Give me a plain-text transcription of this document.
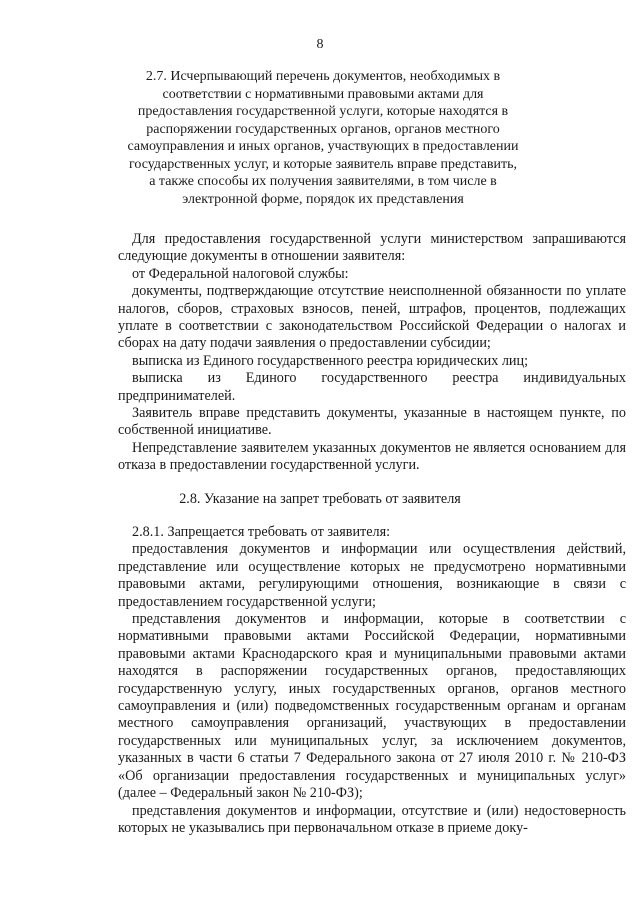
8

2.7. Исчерпывающий перечень документов, необходимых в

соответствии с нормативными правовыми актами для

предоставления государственной услуги, которые находятся в

распоряжении государственных органов, органов местного

самоуправления и иных органов, участвующих в предоставлении

государственных услуг, и которые заявитель вправе представить,

а также способы их получения заявителями, в том числе в

электронной форме, порядок их представления

Для предоставления государственной услуги министерством запрашиваются следующие документы в отношении заявителя:

от Федеральной налоговой службы:

документы, подтверждающие отсутствие неисполненной обязанности по уплате налогов, сборов, страховых взносов, пеней, штрафов, процентов, подлежащих уплате в соответствии с законодательством Российской Федерации о налогах и сборах на дату подачи заявления о предоставлении субсидии;

выписка из Единого государственного реестра юридических лиц;

выписка из Единого государственного реестра индивидуальных предпринимателей.

Заявитель вправе представить документы, указанные в настоящем пункте, по собственной инициативе.

Непредставление заявителем указанных документов не является основанием для отказа в предоставлении государственной услуги.

2.8. Указание на запрет требовать от заявителя

2.8.1. Запрещается требовать от заявителя:

предоставления документов и информации или осуществления действий, представление или осуществление которых не предусмотрено нормативными правовыми актами, регулирующими отношения, возникающие в связи с предоставлением государственной услуги;

представления документов и информации, которые в соответствии с нормативными правовыми актами Российской Федерации, нормативными правовыми актами Краснодарского края и муниципальными правовыми актами находятся в распоряжении государственных органов, предоставляющих государственную услугу, иных государственных органов, органов местного самоуправления и (или) подведомственных государственным органам и органам местного самоуправления организаций, участвующих в предоставлении государственных или муниципальных услуг, за исключением документов, указанных в части 6 статьи 7 Федерального закона от 27 июля 2010 г. № 210-ФЗ «Об организации предоставления государственных и муниципальных услуг» (далее – Федеральный закон № 210-ФЗ);

представления документов и информации, отсутствие и (или) недостоверность которых не указывались при первоначальном отказе в приеме доку-
